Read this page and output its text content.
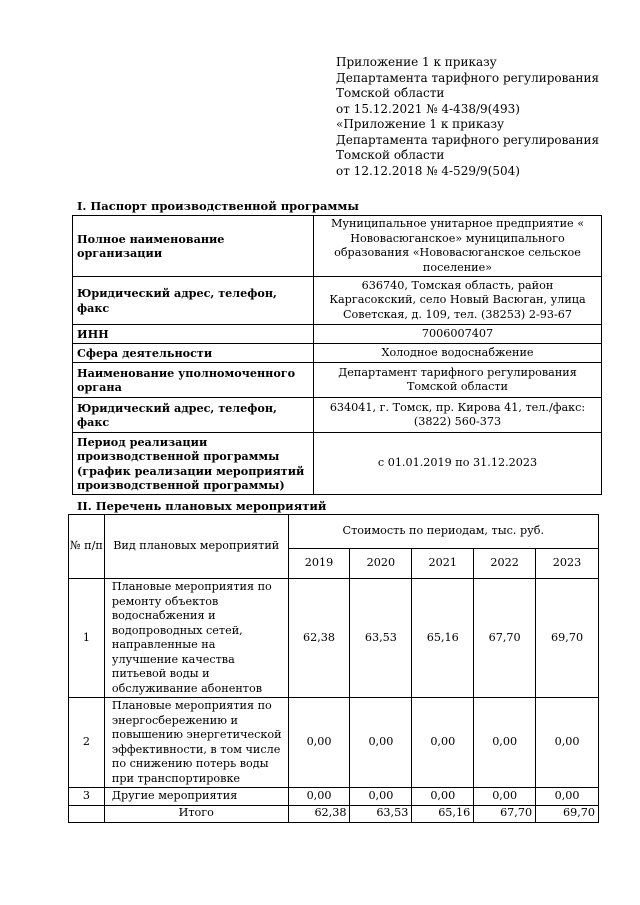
Приложение 1 к приказу
Департамента тарифного регулирования
Томской области
от 15.12.2021 № 4-438/9(493)
«Приложение 1 к приказу
Департамента тарифного регулирования
Томской области
от 12.12.2018 № 4-529/9(504)
I. Паспорт производственной программы
Полное наименование организации	Муниципальное унитарное предприятие « Нововасюганское» муниципального образования «Нововасюганское сельское поселение»
Юридический адрес, телефон, факс	636740, Томская область, район Каргасокский, село Новый Васюган, улица Советская, д. 109, тел. (38253) 2-93-67
ИНН	7006007407
Сфера деятельности	Холодное водоснабжение
Наименование уполномоченного органа	Департамент тарифного регулирования Томской области
Юридический адрес, телефон, факс	634041, г. Томск, пр. Кирова 41, тел./факс: (3822) 560-373
Период реализации производственной программы (график реализации мероприятий производственной программы)	с 01.01.2019 по 31.12.2023
II. Перечень плановых мероприятий
№ п/п	Вид плановых мероприятий	Стоимость по периодам, тыс. руб.				
		2019	2020	2021	2022	2023
1	Плановые мероприятия по ремонту объектов водоснабжения и водопроводных сетей, направленные на улучшение качества питьевой воды и обслуживание абонентов	62,38	63,53	65,16	67,70	69,70
2	Плановые мероприятия по энергосбережению и повышению энергетической эффективности, в том числе по снижению потерь воды при транспортировке	0,00	0,00	0,00	0,00	0,00
3	Другие мероприятия	0,00	0,00	0,00	0,00	0,00
	Итого	62,38	63,53	65,16	67,70	69,70
